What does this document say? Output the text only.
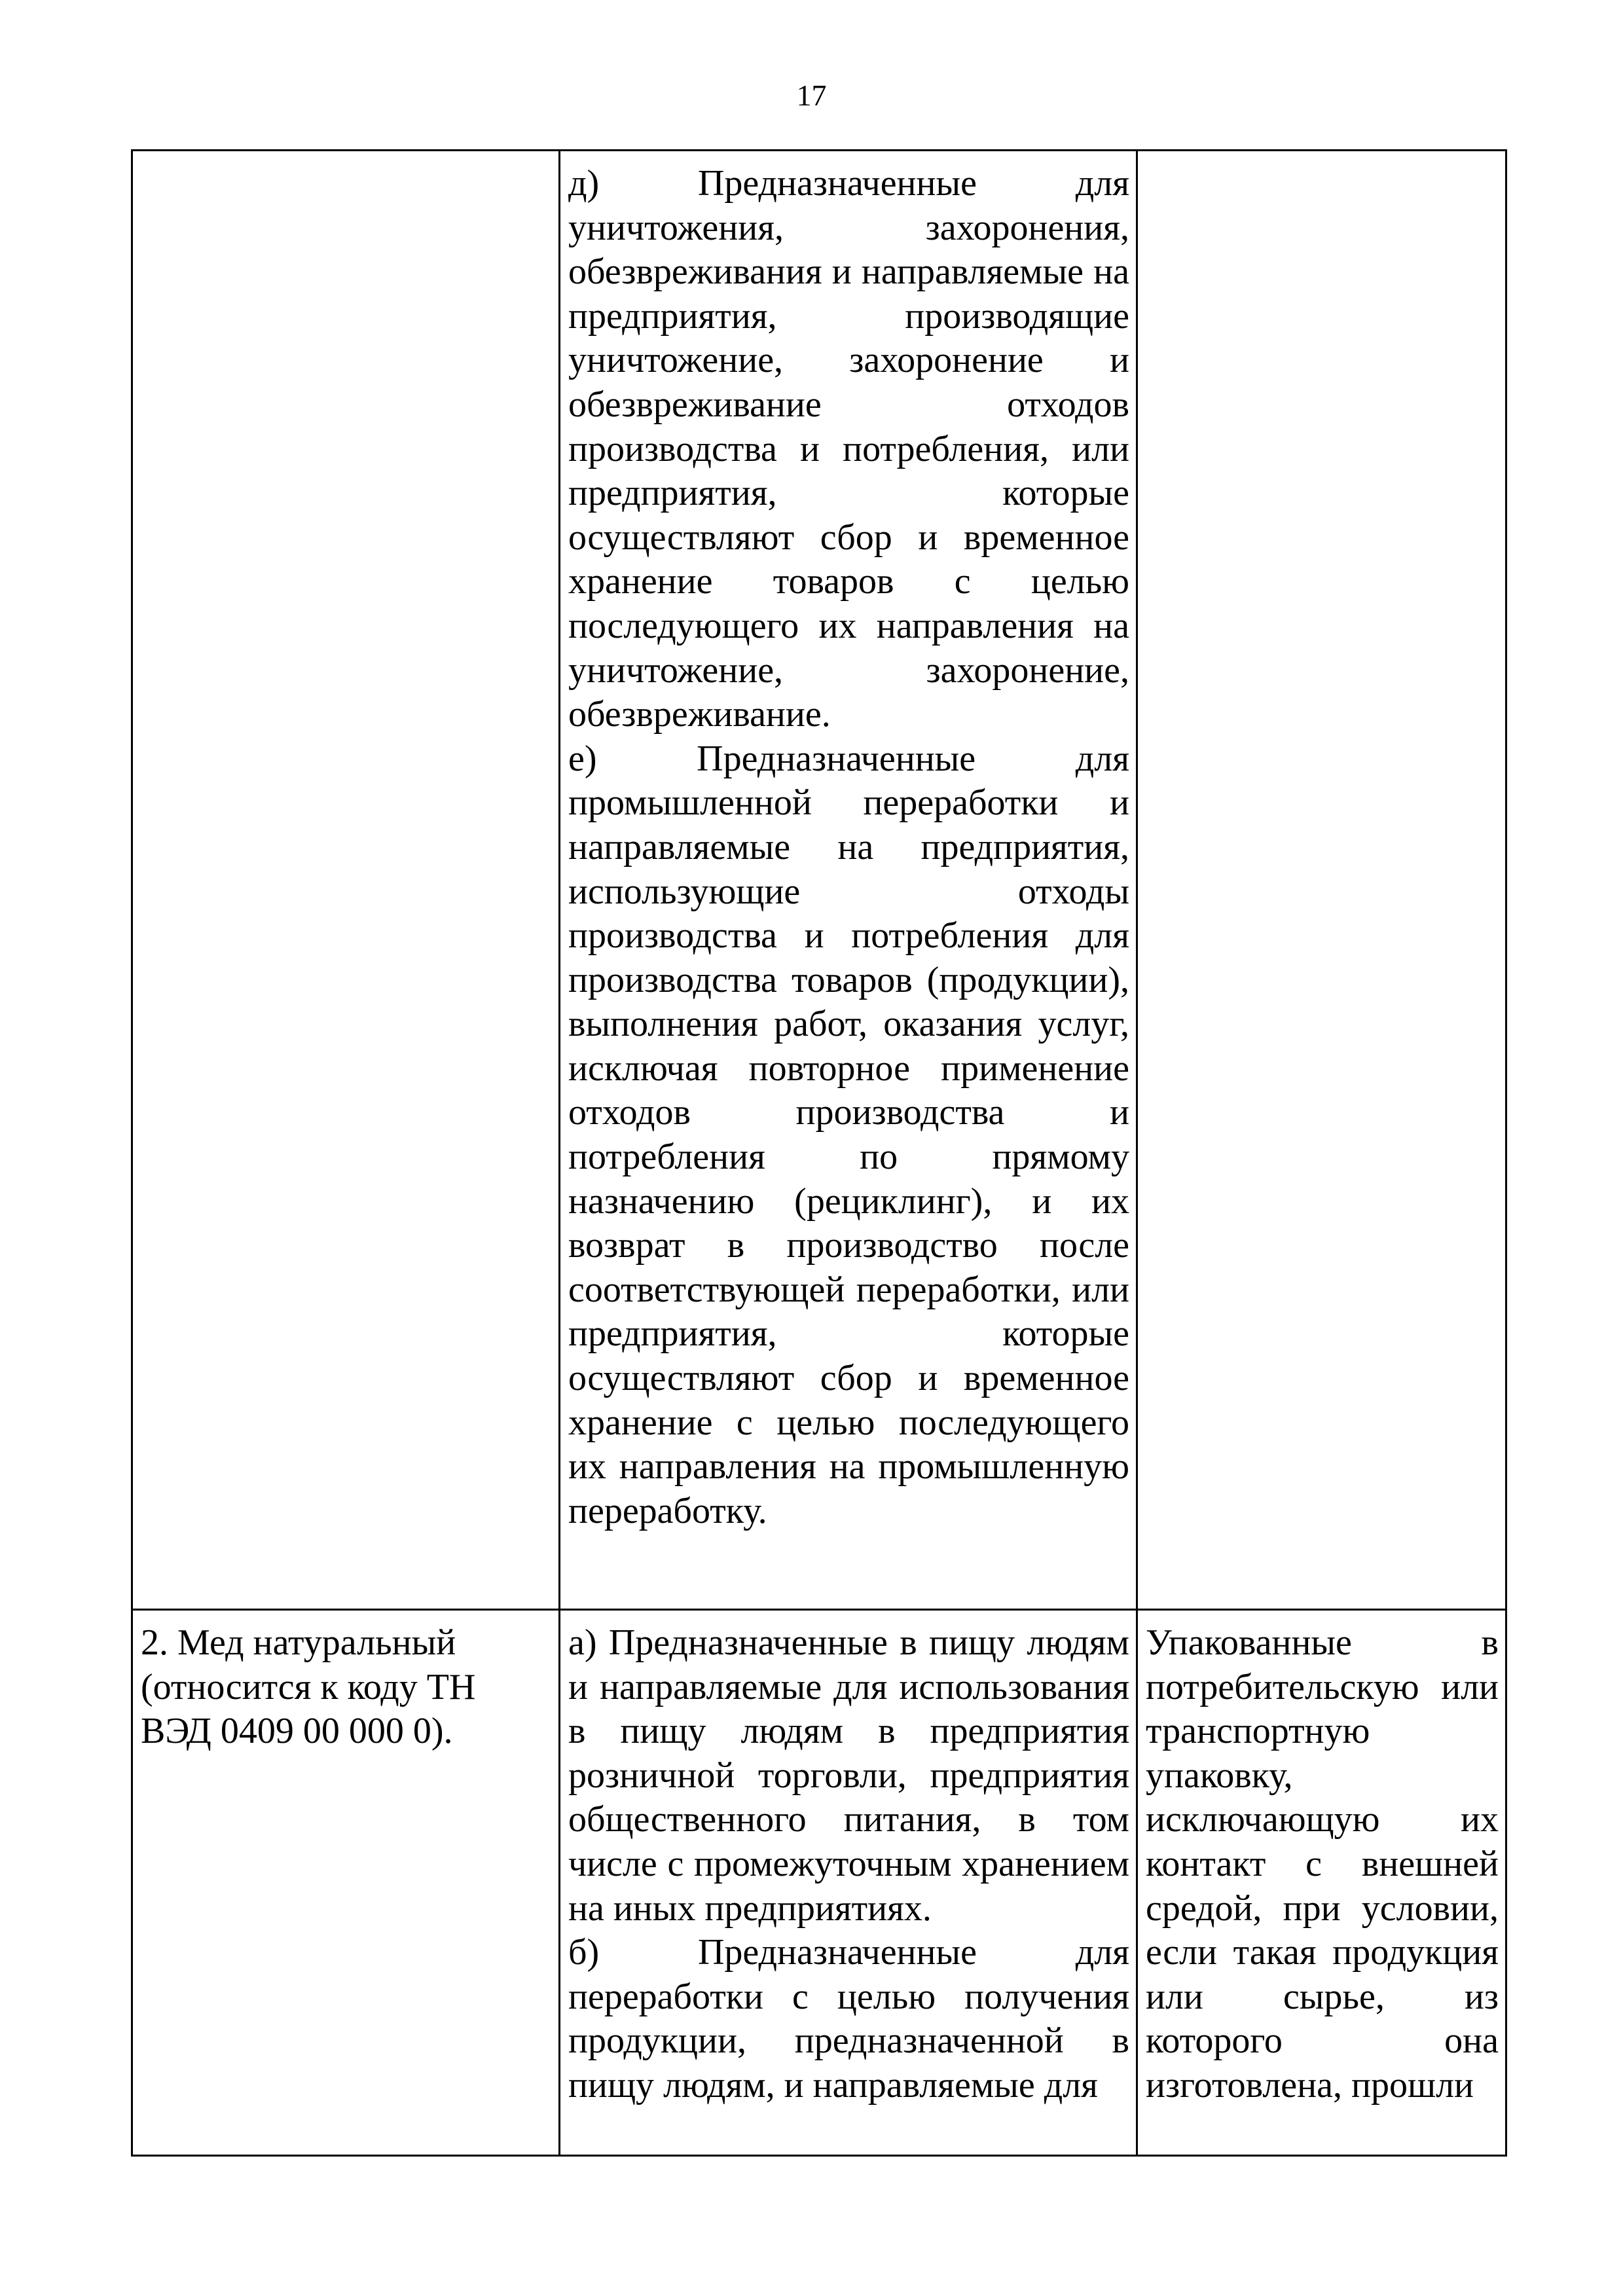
17

	д) Предназначенные для уничтожения, захоронения, обезвреживания и направляемые на предприятия, производящие уничтожение, захоронение и обезвреживание отходов производства и потребления, или предприятия, которые осуществляют сбор и временное хранение товаров с целью последующего их направления на уничтожение, захоронение, обезвреживание.

е) Предназначенные для промышленной переработки и направляемые на предприятия, использующие отходы производства и потребления для производства товаров (продукции), выполнения работ, оказания услуг, исключая повторное применение отходов производства и потребления по прямому назначению (рециклинг), и их возврат в производство после соответствующей переработки, или предприятия, которые осуществляют сбор и временное хранение с целью последующего их направления на промышленную переработку.	

2. Мед натуральный (относится к коду ТН ВЭД 0409 00 000 0).	а) Предназначенные в пищу людям и направляемые для использования в пищу людям в предприятия розничной торговли, предприятия общественного питания, в том числе с промежуточным хранением на иных предприятиях.

б) Предназначенные для переработки с целью получения продукции, предназначенной в пищу людям, и направляемые для	Упакованные в потребительскую или транспортную упаковку, исключающую их контакт с внешней средой, при условии, если такая продукция или сырье, из которого она изготовлена, прошли
